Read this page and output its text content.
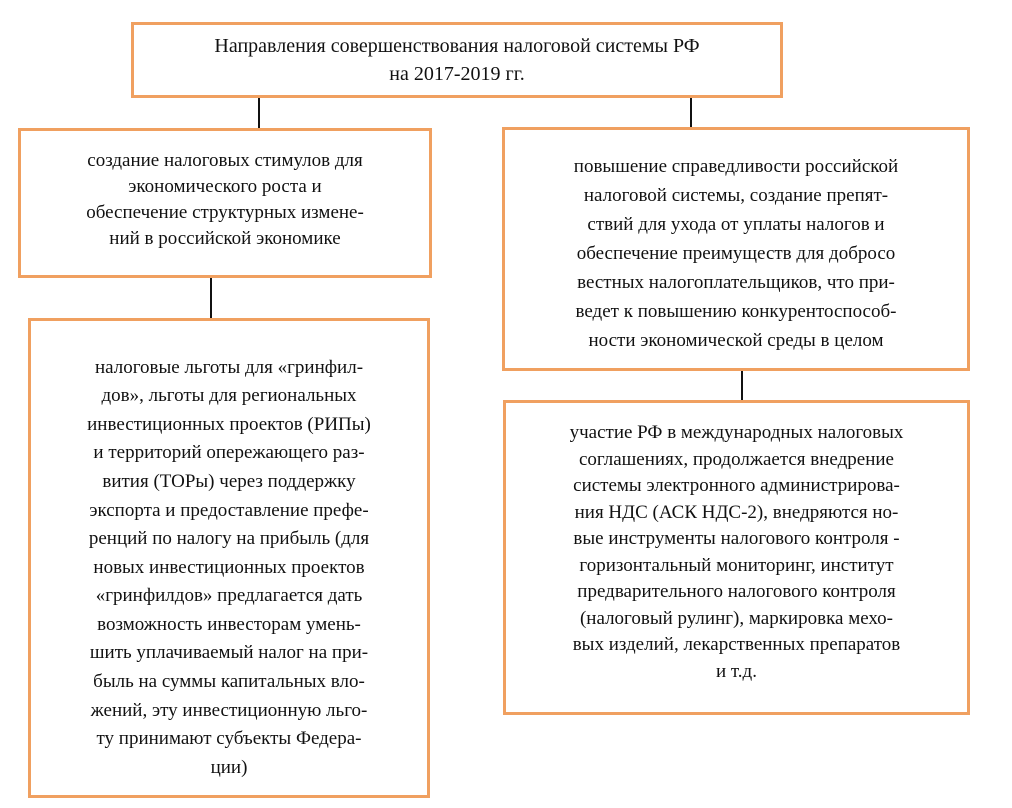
Направления совершенствования налоговой системы РФ
на 2017-2019 гг.
создание налоговых стимулов для
экономического роста и
обеспечение структурных измене-
ний в российской экономике
повышение справедливости российской
налоговой системы, создание препят-
ствий для ухода от уплаты налогов и
обеспечение преимуществ для добросо
вестных налогоплательщиков, что при-
ведет к повышению конкурентоспособ-
ности экономической среды в целом
налоговые льготы для «гринфил-
дов», льготы для региональных
инвестиционных проектов (РИПы)
и территорий опережающего раз-
вития (ТОРы) через поддержку
экспорта и предоставление префе-
ренций по налогу на прибыль (для
новых инвестиционных проектов
«гринфилдов» предлагается дать
возможность инвесторам умень-
шить уплачиваемый налог на при-
быль на суммы капитальных вло-
жений, эту инвестиционную льго-
ту принимают субъекты Федера-
ции)
участие РФ в международных налоговых
соглашениях, продолжается внедрение
системы электронного администрирова-
ния НДС (АСК НДС-2), внедряются но-
вые инструменты налогового контроля -
горизонтальный мониторинг, институт
предварительного налогового контроля
(налоговый рулинг), маркировка мехо-
вых изделий, лекарственных препаратов
и т.д.
